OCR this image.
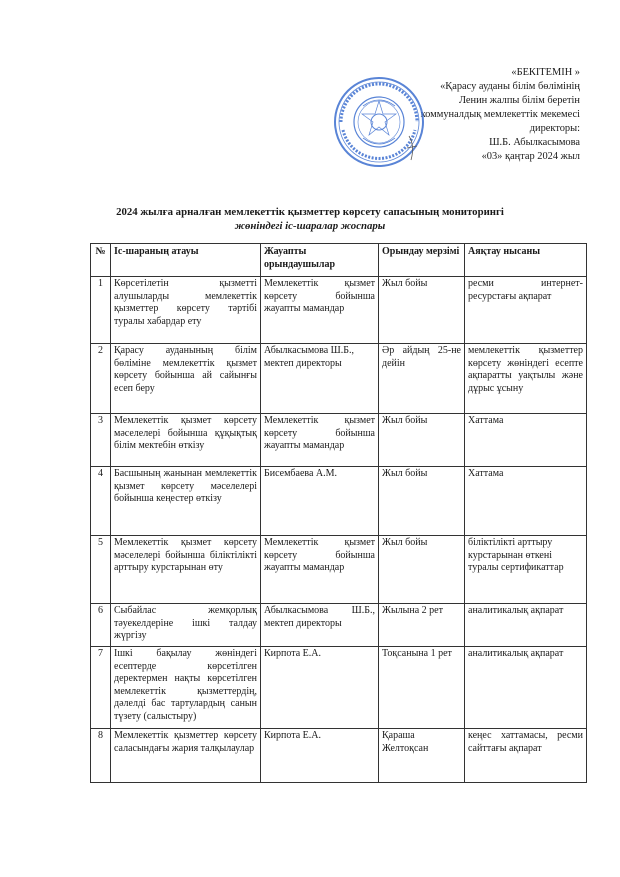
«БЕКІТЕМІН »
«Қарасу ауданы білім бөлімінің
Ленин жалпы білім беретін
коммуналдық мемлекеттік мекемесі
директоры:
Ш.Б. Абылкасымова
«03» қаңтар 2024 жыл
2024 жылға арналған мемлекеттік қызметтер көрсету сапасының мониторингі
жөніндегі іс-шаралар жоспары
№	Іс-шараның атауы	Жауапты орындаушылар	Орындау мерзімі	Аяқтау нысаны
1	Көрсетілетін қызметті алушыларды мемлекеттік қызметтер көрсету тәртібі туралы хабардар ету	Мемлекеттік қызмет көрсету бойынша жауапты мамандар	Жыл бойы	ресми интернет-ресурстағы ақпарат
2	Қарасу ауданының білім бөліміне мемлекеттік қызмет көрсету бойынша ай сайынғы есеп беру	Абылкасымова Ш.Б., мектеп директоры	Әр айдың 25-не дейін	мемлекеттік қызметтер көрсету жөніндегі есепте ақпаратты уақтылы және дұрыс ұсыну
3	Мемлекеттік қызмет көрсету мәселелері бойынша құқықтық білім мектебін өткізу	Мемлекеттік қызмет көрсету бойынша жауапты мамандар	Жыл бойы	Хаттама
4	Басшының жанынан мемлекеттік қызмет көрсету мәселелері бойынша кеңестер өткізу	Бисембаева А.М.	Жыл бойы	Хаттама
5	Мемлекеттік қызмет көрсету мәселелері бойынша біліктілікті арттыру курстарынан өту	Мемлекеттік қызмет көрсету бойынша жауапты мамандар	Жыл бойы	біліктілікті арттыру курстарынан өткені туралы сертификаттар
6	Сыбайлас жемқорлық тәуекелдеріне ішкі талдау жүргізу	Абылкасымова Ш.Б., мектеп директоры	Жылына 2 рет	аналитикалық ақпарат
7	Ішкі бақылау жөніндегі есептерде көрсетілген деректермен нақты көрсетілген мемлекеттік қызметтердің, дәлелді бас тартулардың санын түзету (салыстыру)	Кирпота Е.А.	Тоқсанына 1 рет	аналитикалық ақпарат
8	Мемлекеттік қызметтер көрсету саласындағы жария талқылаулар	Кирпота Е.А.	Қараша Желтоқсан	кеңес хаттамасы, ресми сайттағы ақпарат
